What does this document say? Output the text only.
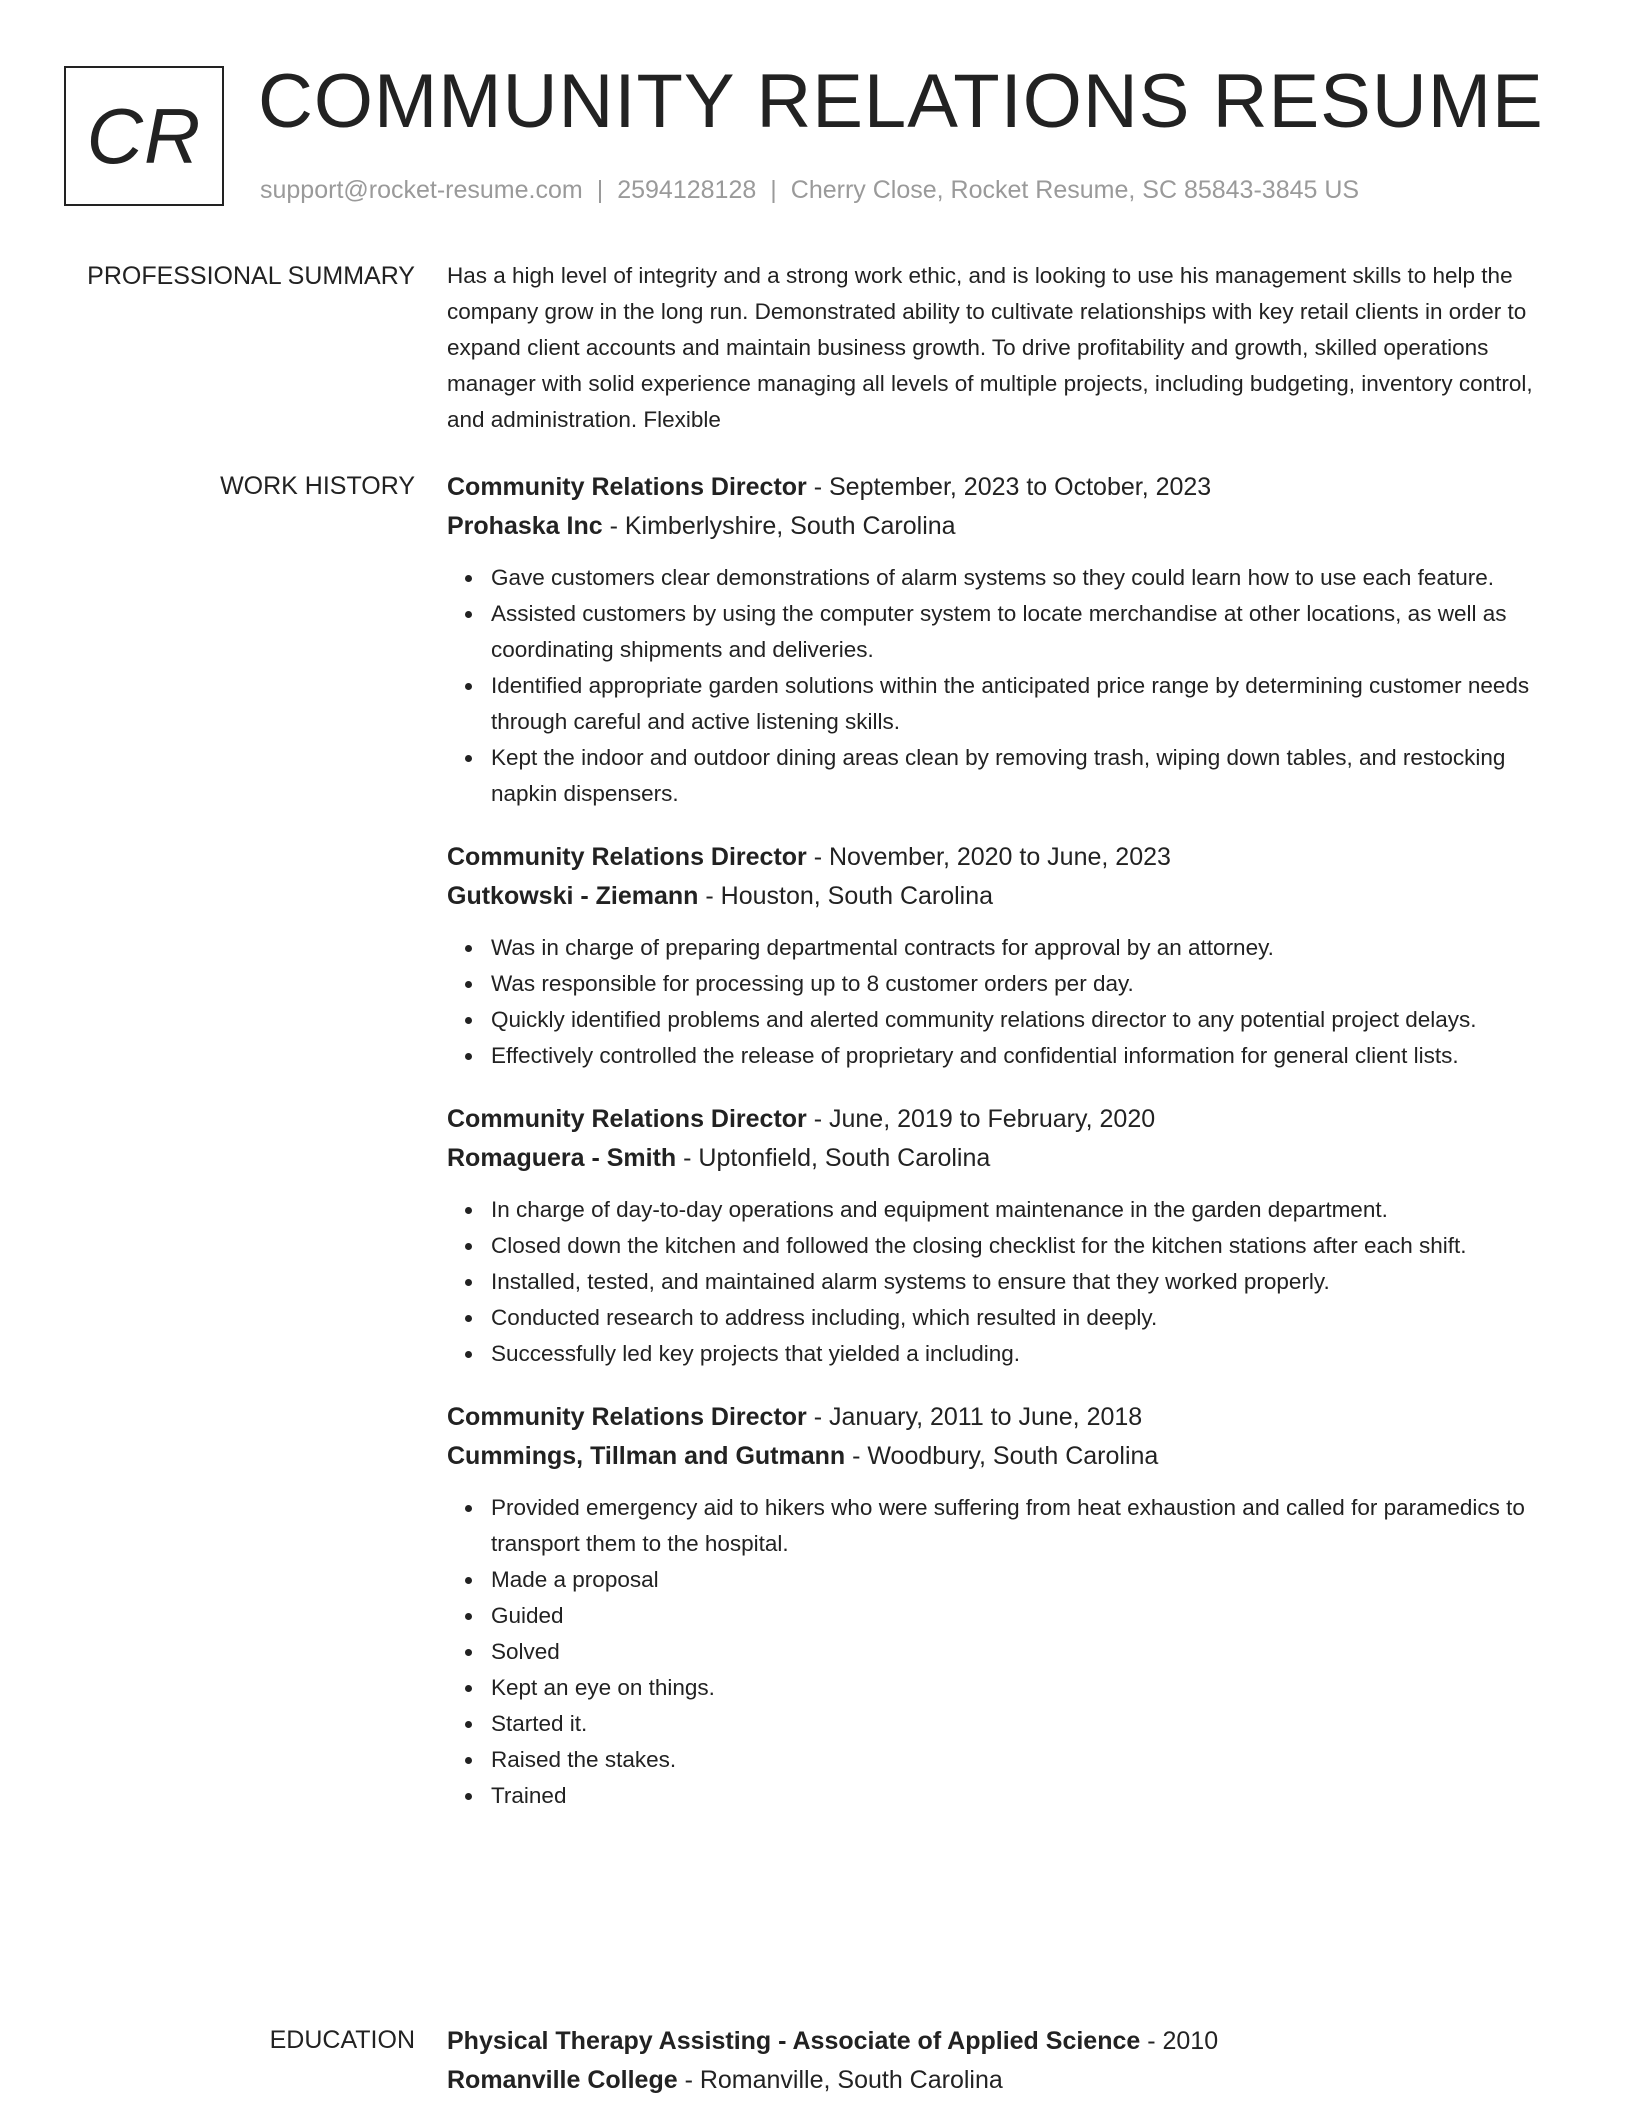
CR COMMUNITY RELATIONS RESUME
support@rocket-resume.com | 2594128128 | Cherry Close, Rocket Resume, SC 85843-3845 US
PROFESSIONAL SUMMARY Has a high level of integrity and a strong work ethic, and is looking to use his management skills to help the company grow in the long run. Demonstrated ability to cultivate relationships with key retail clients in order to expand client accounts and maintain business growth. To drive profitability and growth, skilled operations manager with solid experience managing all levels of multiple projects, including budgeting, inventory control, and administration. Flexible

WORK HISTORY Community Relations Director - September, 2023 to October, 2023
Prohaska Inc - Kimberlyshire, South Carolina
Gave customers clear demonstrations of alarm systems so they could learn how to use each feature.
Assisted customers by using the computer system to locate merchandise at other locations, as well as coordinating shipments and deliveries.
Identified appropriate garden solutions within the anticipated price range by determining customer needs through careful and active listening skills.
Kept the indoor and outdoor dining areas clean by removing trash, wiping down tables, and restocking napkin dispensers.
Community Relations Director - November, 2020 to June, 2023
Gutkowski - Ziemann - Houston, South Carolina
Was in charge of preparing departmental contracts for approval by an attorney.
Was responsible for processing up to 8 customer orders per day.
Quickly identified problems and alerted community relations director to any potential project delays.
Effectively controlled the release of proprietary and confidential information for general client lists.
Community Relations Director - June, 2019 to February, 2020
Romaguera - Smith - Uptonfield, South Carolina
In charge of day-to-day operations and equipment maintenance in the garden department.
Closed down the kitchen and followed the closing checklist for the kitchen stations after each shift.
Installed, tested, and maintained alarm systems to ensure that they worked properly.
Conducted research to address including, which resulted in deeply.
Successfully led key projects that yielded a including.
Community Relations Director - January, 2011 to June, 2018
Cummings, Tillman and Gutmann - Woodbury, South Carolina
Provided emergency aid to hikers who were suffering from heat exhaustion and called for paramedics to transport them to the hospital.
Made a proposal
Guided
Solved
Kept an eye on things.
Started it.
Raised the stakes.
Trained
EDUCATION Physical Therapy Assisting - Associate of Applied Science - 2010
Romanville College - Romanville, South Carolina
